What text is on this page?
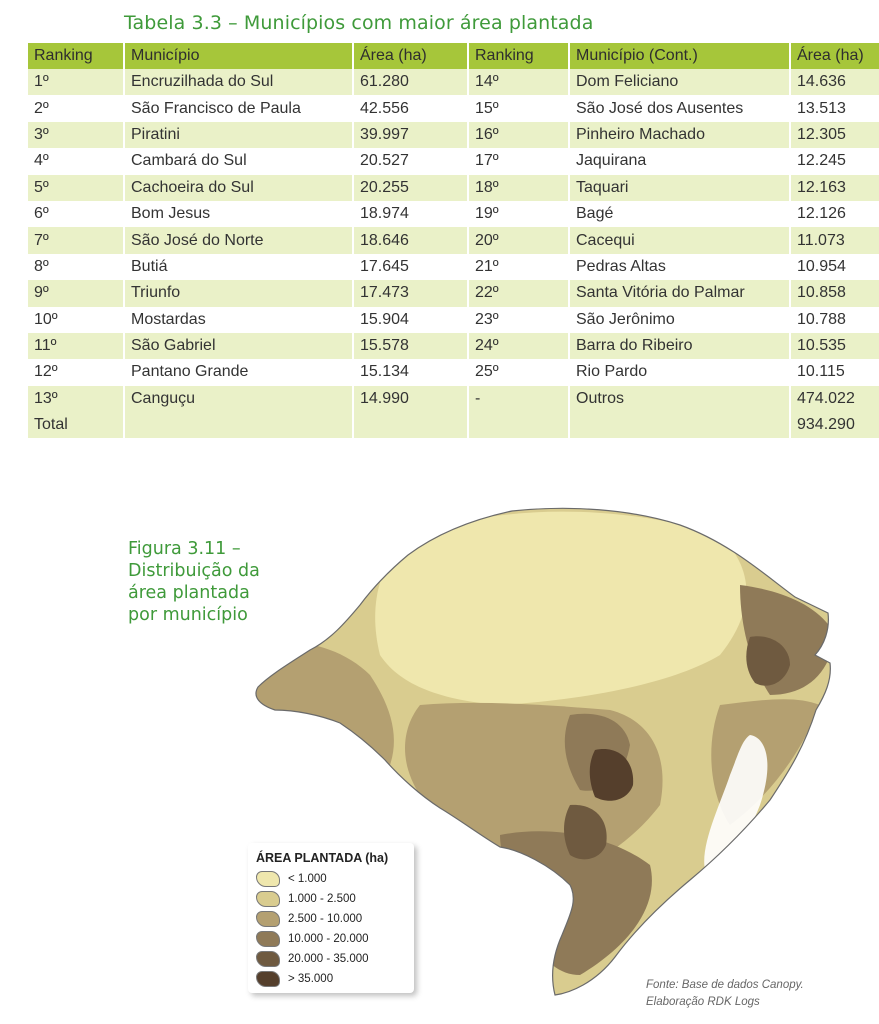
Tabela 3.3 – Municípios com maior área plantada
Ranking	Município	Área (ha)	Ranking	Município (Cont.)	Área (ha)
1º	Encruzilhada do Sul	61.280	14º	Dom Feliciano	14.636
2º	São Francisco de Paula	42.556	15º	São José dos Ausentes	13.513
3º	Piratini	39.997	16º	Pinheiro Machado	12.305
4º	Cambará do Sul	20.527	17º	Jaquirana	12.245
5º	Cachoeira do Sul	20.255	18º	Taquari	12.163
6º	Bom Jesus	18.974	19º	Bagé	12.126
7º	São José do Norte	18.646	20º	Cacequi	11.073
8º	Butiá	17.645	21º	Pedras Altas	10.954
9º	Triunfo	17.473	22º	Santa Vitória do Palmar	10.858
10º	Mostardas	15.904	23º	São Jerônimo	10.788
11º	São Gabriel	15.578	24º	Barra do Ribeiro	10.535
12º	Pantano Grande	15.134	25º	Rio Pardo	10.115
13º	Canguçu	14.990	-	Outros	474.022
Total					934.290
Figura 3.11 –
Distribuição da
área plantada
por município
ÁREA PLANTADA (ha)
< 1.000
1.000 - 2.500
2.500 - 10.000
10.000 - 20.000
20.000 - 35.000
> 35.000	Fonte: Base de dados Canopy.
Elaboração RDK Logs
